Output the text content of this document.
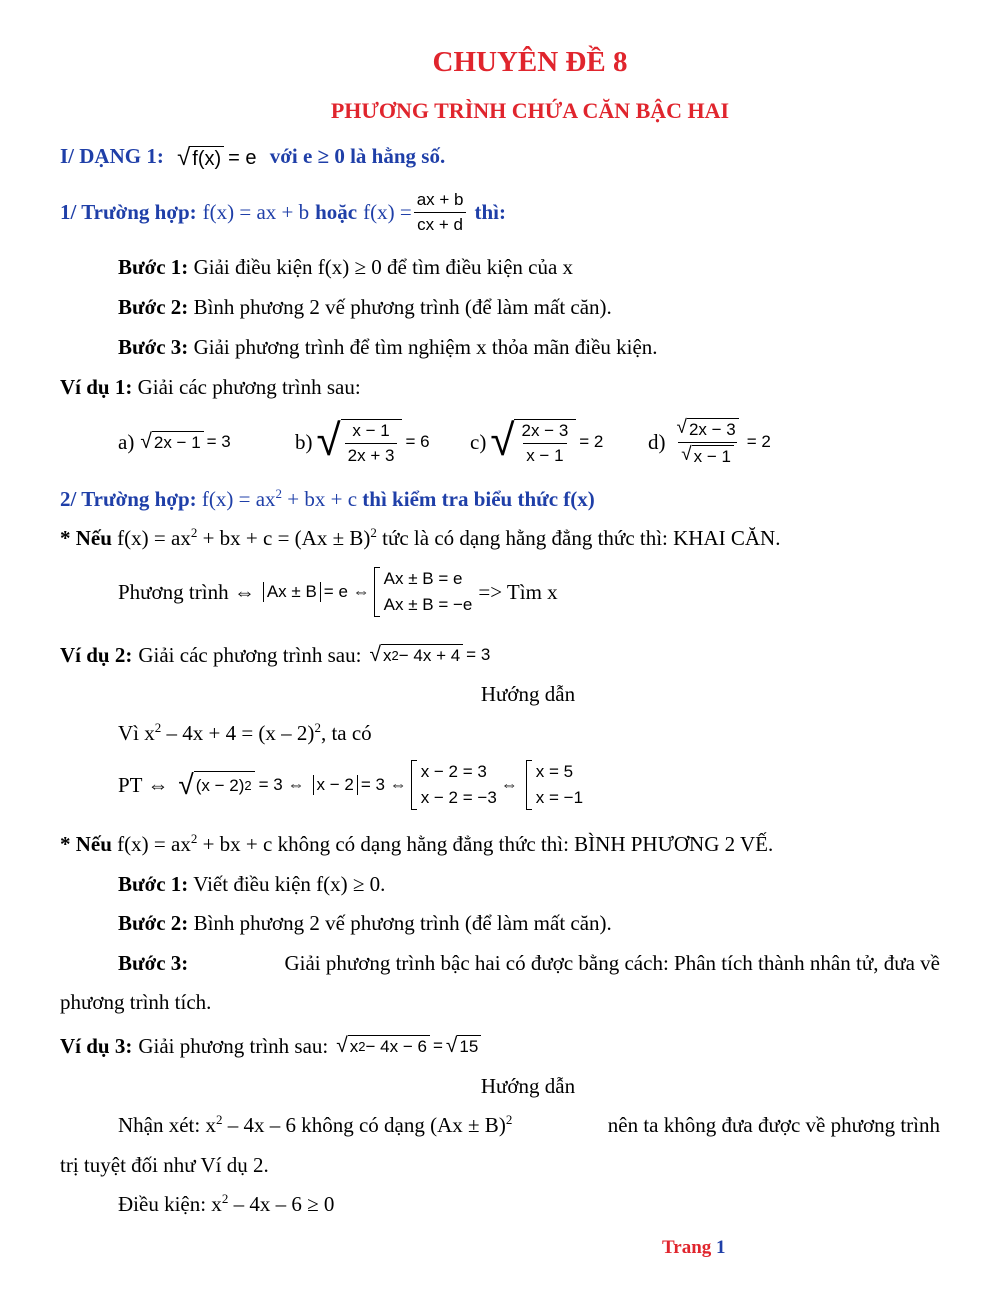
CHUYÊN ĐỀ 8
PHƯƠNG TRÌNH CHỨA CĂN BẬC HAI
I/ DẠNG 1: √ f(x) = e với e ≥ 0 là hằng số.
1/ Trường hợp: f(x) = ax + b hoặc $f(x) = \frac{ax + b}{cx + d}$ thì:
Bước 1: Giải điều kiện f(x) ≥ 0 để tìm điều kiện của x
Bước 2: Bình phương 2 vế phương trình (để làm mất căn).
Bước 3: Giải phương trình để tìm nghiệm x thỏa mãn điều kiện.
Ví dụ 1: Giải các phương trình sau:
a) √ 2x − 1 = 3	b) √ $\frac{x - 1}{2x + 3} = 6$ c) √ $\frac{2x - 3}{x - 1} = 2$ $d) \frac{√ 2x - 3}{√ x - 1} = 2$
2/ Trường hợp: $f(x) = ax^2$ + bx + c thì kiểm tra biểu thức f(x)
* Nếu $f(x) = ax^2$ + bx + $c = (Ax \pm B)^2$ tức là có dạng hằng đẳng thức thì: KHAI CĂN.
Phương trình ⇔ Ax ± B = e ⇔
Ax ± B = e
Ax ± B = −e
=> Tìm x
Ví dụ 2: Giải các phương trình sau: √ x 2 − 4x + 4 = 3
Hướng dẫn
Vì $x^2 - 4x + 4 = (x - 2)^2$, ta có
PT ⇔ √ (x − 2) 2 = 3 ⇔ x − 2 = 3 ⇔
x − 2 = 3
x − 2 = −3
⇔
x = 5
x = −1
* Nếu $f(x) = ax^2$ + bx + c không có dạng hằng đẳng thức thì: BÌNH PHƯƠNG 2 VẾ.
Bước 1: Viết điều kiện f(x) ≥ 0.
Bước 2: Bình phương 2 vế phương trình (để làm mất căn).
Bước 3:	Giải phương trình bậc hai có được bằng cách: Phân tích thành nhân tử, đưa về
phương trình tích.
Ví dụ 3: Giải phương trình sau: √ x 2 − 4x − 6 = √ 15
Hướng dẫn
Nhận xét: $x^2 - 4x - 6$ không có dạng $(Ax \pm B)^2$	nên ta không đưa được về phương trình
trị tuyệt đối như Ví dụ 2.
Điều kiện: $x^2 - 4x - 6 \ge 0$
Trang 1
